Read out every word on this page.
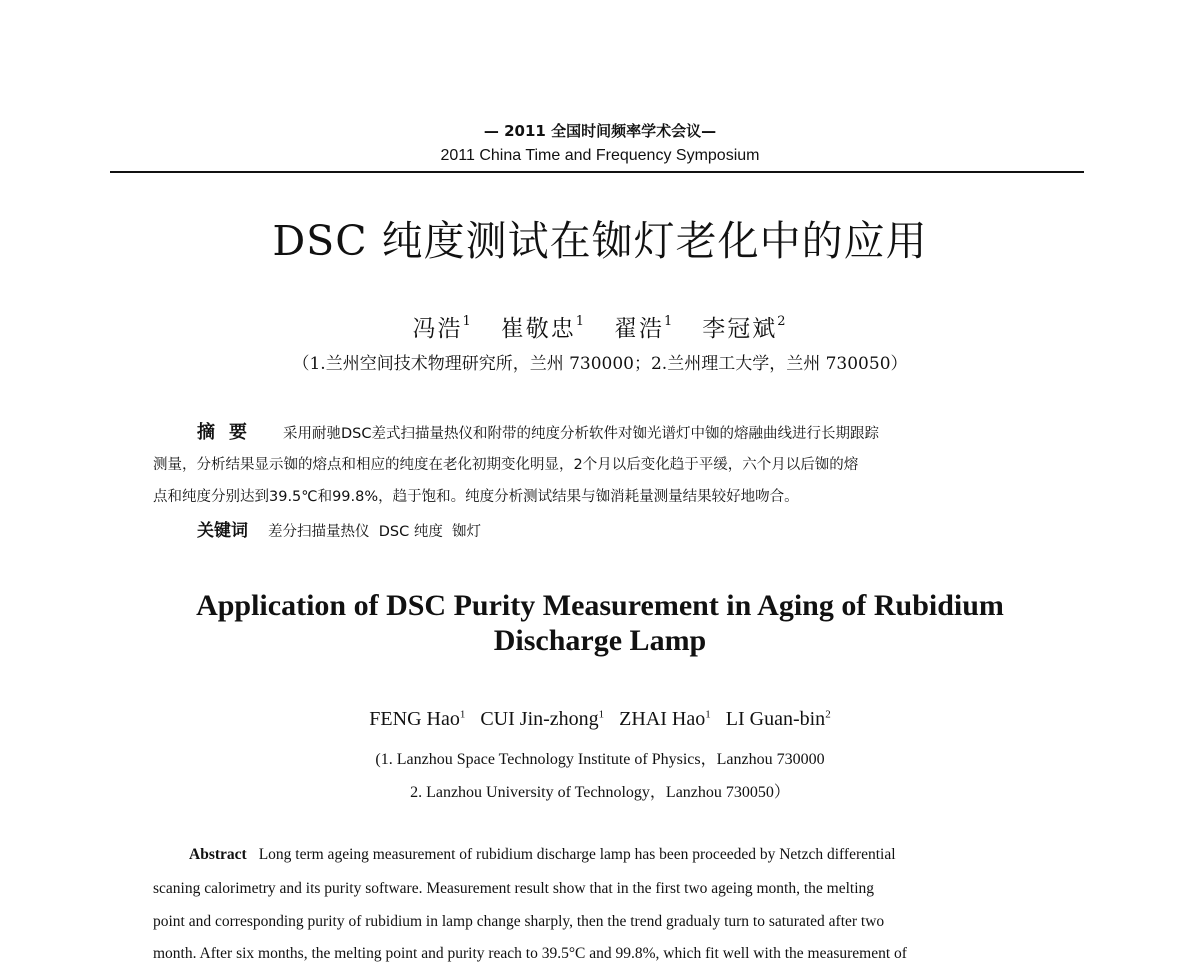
— 2011 全国时间频率学术会议—
2011 China Time and Frequency Symposium
DSC 纯度测试在铷灯老化中的应用
冯浩$^1$ 崔敬忠$^1$ 翟浩$^1$ 李冠斌$^2$
（1.兰州空间技术物理研究所，兰州 730000；2.兰州理工大学，兰州 730050）
摘要 采用耐驰DSC差式扫描量热仪和附带的纯度分析软件对铷光谱灯中铷的熔融曲线进行长期跟踪
测量，分析结果显示铷的熔点和相应的纯度在老化初期变化明显，2个月以后变化趋于平缓，六个月以后铷的熔
点和纯度分别达到39.5℃和99.8%，趋于饱和。纯度分析测试结果与铷消耗量测量结果较好地吻合。
关键词 差分扫描量热仪  DSC 纯度  铷灯
Application of DSC Purity Measurement in Aging of Rubidium
Discharge Lamp
FENG Hao$^1$ CUI Jin-zhong$^1$ ZHAI Hao$^1$ LI Guan-bin$^2$
(1. Lanzhou Space Technology Institute of Physics，Lanzhou 730000
2. Lanzhou University of Technology，Lanzhou 730050）
Abstract Long term ageing measurement of rubidium discharge lamp has been proceeded by Netzch differential
scaning calorimetry and its purity software. Measurement result show that in the first two ageing month, the melting
point and corresponding purity of rubidium in lamp change sharply, then the trend gradualy turn to saturated after two
month. After six months, the melting point and purity reach to 39.5°C and 99.8%, which fit well with the measurement of
